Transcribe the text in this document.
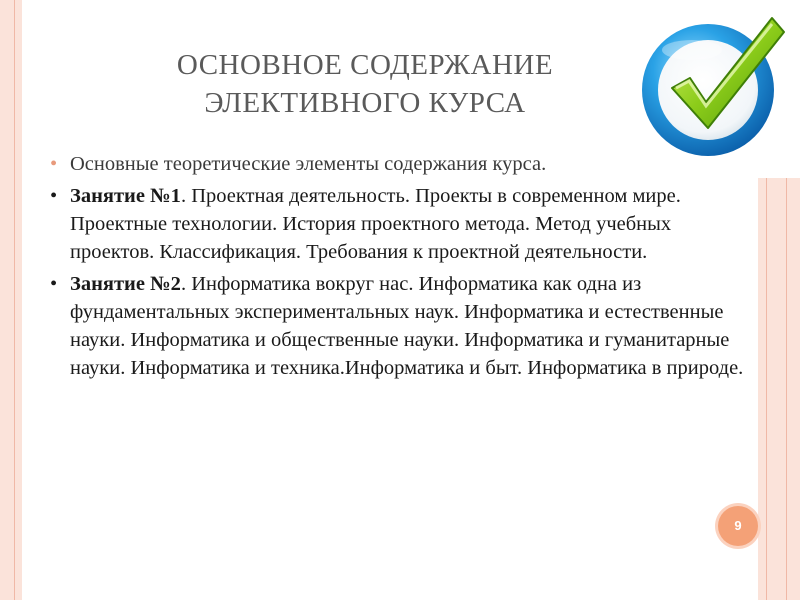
ОСНОВНОЕ СОДЕРЖАНИЕ
ЭЛЕКТИВНОГО КУРСА
• Основные теоретические элементы содержания курса.
• Занятие №1. Проектная деятельность. Проекты в современном мире. Проектные технологии. История проектного метода. Метод учебных проектов. Классификация. Требования к проектной деятельности.
• Занятие №2. Информатика вокруг нас. Информатика как одна из фундаментальных экспериментальных наук. Информатика и естественные науки. Информатика и общественные науки. Информатика и гуманитарные науки. Информатика и техника.Информатика и быт. Информатика в природе.
9
